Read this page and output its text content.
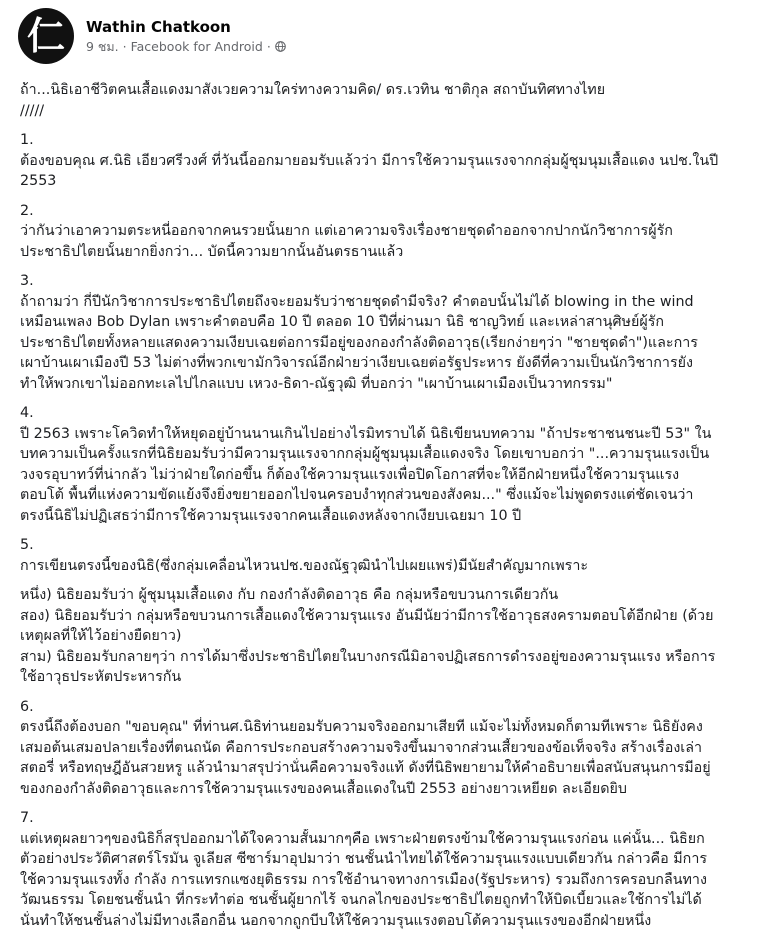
仁	Wathin Chatkoon
9 ชม. · Facebook for Android ·

ถ้า...นิธิเอาชีวิตคนเสื้อแดงมาสังเวยความใคร่ทางความคิด/ ดร.เวทิน ชาติกุล สถาบันทิศทางไทย

/////

1.

ต้องขอบคุณ ศ.นิธิ เอียวศรีวงศ์ ที่วันนี้ออกมายอมรับแล้วว่า มีการใช้ความรุนแรงจากกลุ่มผู้ชุมนุมเสื้อแดง นปช.ในปี

2553

2.

ว่ากันว่าเอาความตระหนี่ออกจากคนรวยนั้นยาก แต่เอาความจริงเรื่องชายชุดดำออกจากปากนักวิชาการผู้รัก

ประชาธิปไตยนั้นยากยิ่งกว่า... บัดนี้ความยากนั้นอันตรธานแล้ว

3.

ถ้าถามว่า กี่ปีนักวิชาการประชาธิปไตยถึงจะยอมรับว่าชายชุดดำมีจริง? คำตอบนั้นไม่ได้ blowing in the wind

เหมือนเพลง Bob Dylan เพราะคำตอบคือ 10 ปี ตลอด 10 ปีที่ผ่านมา นิธิ ชาญวิทย์ และเหล่าสานุศิษย์ผู้รัก

ประชาธิปไตยทั้งหลายแสดงความเงียบเฉยต่อการมีอยู่ของกองกำลังติดอาวุธ(เรียกง่ายๆว่า "ชายชุดดำ")และการ

เผาบ้านเผาเมืองปี 53 ไม่ต่างที่พวกเขามักวิจารณ์อีกฝ่ายว่าเงียบเฉยต่อรัฐประหาร ยังดีที่ความเป็นนักวิชาการยัง

ทำให้พวกเขาไม่ออกทะเลไปไกลแบบ เหวง-ธิดา-ณัฐวุฒิ ที่บอกว่า "เผาบ้านเผาเมืองเป็นวาทกรรม"

4.

ปี 2563 เพราะโควิดทำให้หยุดอยู่บ้านนานเกินไปอย่างไรมิทราบได้ นิธิเขียนบทความ "ถ้าประชาชนชนะปี 53" ใน

บทความเป็นครั้งแรกที่นิธิยอมรับว่ามีความรุนแรงจากกลุ่มผู้ชุมนุมเสื้อแดงจริง โดยเขาบอกว่า "...ความรุนแรงเป็น

วงจรอุบาทว์ที่น่ากลัว ไม่ว่าฝ่ายใดก่อขึ้น ก็ต้องใช้ความรุนแรงเพื่อปิดโอกาสที่จะให้อีกฝ่ายหนึ่งใช้ความรุนแรง

ตอบโต้ พื้นที่แห่งความขัดแย้งจึงยิ่งขยายออกไปจนครอบงำทุกส่วนของสังคม..." ซึ่งแม้จะไม่พูดตรงแต่ชัดเจนว่า

ตรงนี้นิธิไม่ปฏิเสธว่ามีการใช้ความรุนแรงจากคนเสื้อแดงหลังจากเงียบเฉยมา 10 ปี

5.

การเขียนตรงนี้ของนิธิ(ซึ่งกลุ่มเคลื่อนไหวนปช.ของณัฐวุฒินำไปเผยแพร่)มีนัยสำคัญมากเพราะ

หนึ่ง) นิธิยอมรับว่า ผู้ชุมนุมเสื้อแดง กับ กองกำลังติดอาวุธ คือ กลุ่มหรือขบวนการเดียวกัน

สอง) นิธิยอมรับว่า กลุ่มหรือขบวนการเสื้อแดงใช้ความรุนแรง อันมีนัยว่ามีการใช้อาวุธสงครามตอบโต้อีกฝ่าย (ด้วย

เหตุผลที่ให้ไว้อย่างยืดยาว)

สาม) นิธิยอมรับกลายๆว่า การได้มาซึ่งประชาธิปไตยในบางกรณีมิอาจปฏิเสธการดำรงอยู่ของความรุนแรง หรือการ

ใช้อาวุธประหัตประหารกัน

6.

ตรงนี้ถึงต้องบอก "ขอบคุณ" ที่ท่านศ.นิธิท่านยอมรับความจริงออกมาเสียที แม้จะไม่ทั้งหมดก็ตามทีเพราะ นิธิยังคง

เสมอต้นเสมอปลายเรื่องที่ตนถนัด คือการประกอบสร้างความจริงขึ้นมาจากส่วนเสี้ยวของข้อเท็จจริง สร้างเรื่องเล่า

สตอรี่ หรือทฤษฎีอันสวยหรู แล้วนำมาสรุปว่านั่นคือความจริงแท้ ดังที่นิธิพยายามให้คำอธิบายเพื่อสนับสนุนการมีอยู่

ของกองกำลังติดอาวุธและการใช้ความรุนแรงของคนเสื้อแดงในปี 2553 อย่างยาวเหยียด ละเอียดยิบ

7.

แต่เหตุผลยาวๆของนิธิก็สรุปออกมาได้ใจความสั้นมากๆคือ เพราะฝ่ายตรงข้ามใช้ความรุนแรงก่อน แค่นั้น... นิธิยก

ตัวอย่างประวัติศาสตร์โรมัน จูเลียส ซีซาร์มาอุปมาว่า ชนชั้นนำไทยได้ใช้ความรุนแรงแบบเดียวกัน กล่าวคือ มีการ

ใช้ความรุนแรงทั้ง กำลัง การแทรกแซงยุติธรรม การใช้อำนาจทางการเมือง(รัฐประหาร) รวมถึงการครอบกลืนทาง

วัฒนธรรม โดยชนชั้นนำ ที่กระทำต่อ ชนชั้นผู้ยากไร้ จนกลไกของประชาธิปไตยถูกทำให้บิดเบี้ยวและใช้การไม่ได้

นั่นทำให้ชนชั้นล่างไม่มีทางเลือกอื่น นอกจากถูกบีบให้ใช้ความรุนแรงตอบโต้ความรุนแรงของอีกฝ่ายหนึ่ง
